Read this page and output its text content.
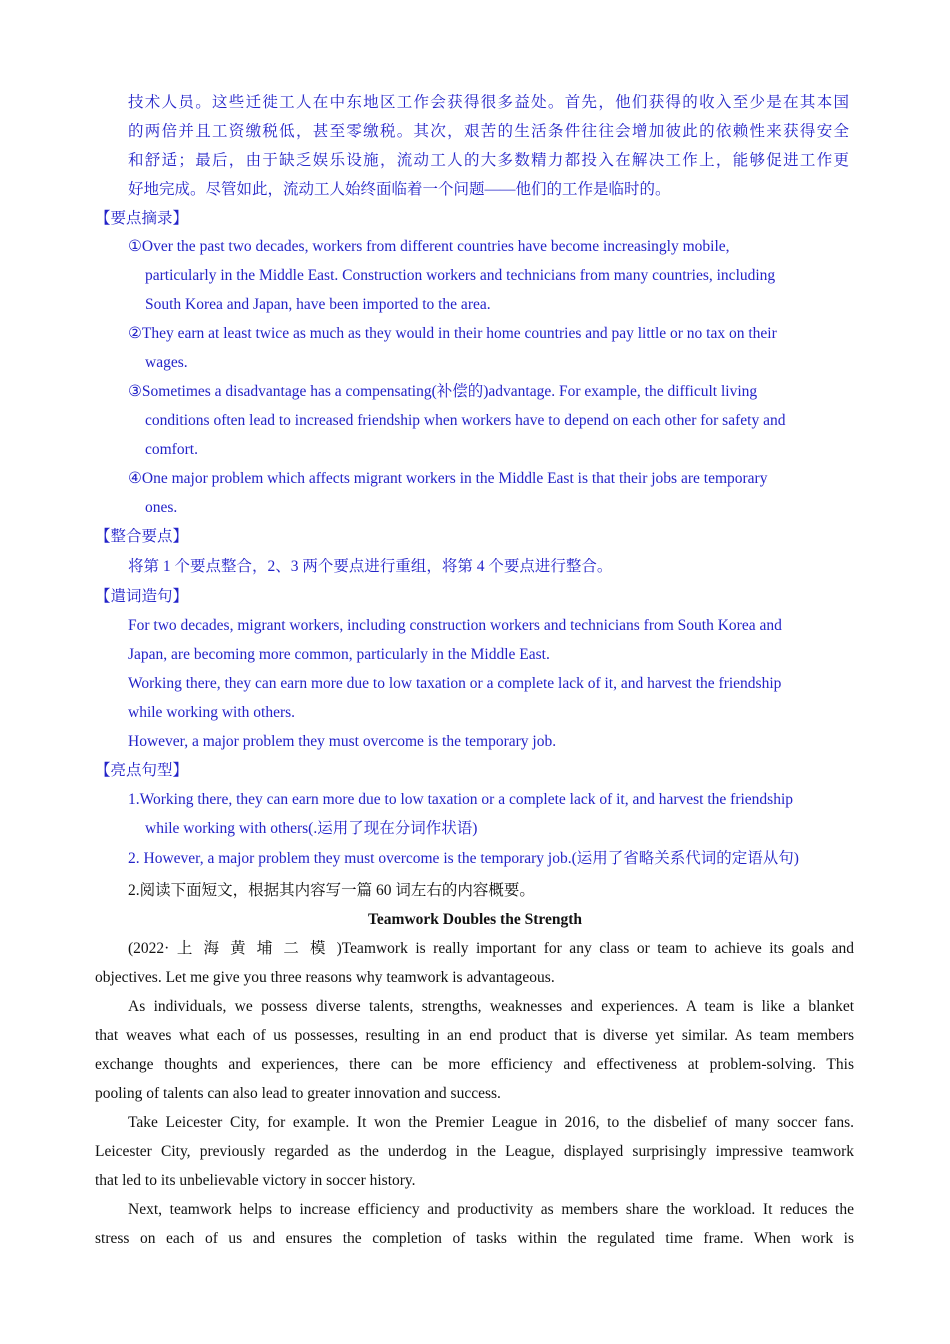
技术人员。这些迁徙工人在中东地区工作会获得很多益处。首先，他们获得的收入至少是在其本国
的两倍并且工资缴税低，甚至零缴税。其次，艰苦的生活条件往往会增加彼此的依赖性来获得安全
和舒适；最后，由于缺乏娱乐设施，流动工人的大多数精力都投入在解决工作上，能够促进工作更
好地完成。尽管如此，流动工人始终面临着一个问题——他们的工作是临时的。
【要点摘录】
①Over the past two decades, workers from different countries have become increasingly mobile,
particularly in the Middle East. Construction workers and technicians from many countries, including
South Korea and Japan, have been imported to the area.
②They earn at least twice as much as they would in their home countries and pay little or no tax on their
wages.
③Sometimes a disadvantage has a compensating(补偿的)advantage. For example, the difficult living
conditions often lead to increased friendship when workers have to depend on each other for safety and
comfort.
④One major problem which affects migrant workers in the Middle East is that their jobs are temporary
ones.
【整合要点】
将第 1 个要点整合，2、3 两个要点进行重组，将第 4 个要点进行整合。
【遣词造句】
For two decades, migrant workers, including construction workers and technicians from South Korea and
Japan, are becoming more common, particularly in the Middle East.
Working there, they can earn more due to low taxation or a complete lack of it, and harvest the friendship
while working with others.
However, a major problem they must overcome is the temporary job.
【亮点句型】
1.Working there, they can earn more due to low taxation or a complete lack of it, and harvest the friendship
while working with others(.运用了现在分词作状语)
2. However, a major problem they must overcome is the temporary job.(运用了省略关系代词的定语从句)
2.阅读下面短文，根据其内容写一篇 60 词左右的内容概要。
Teamwork Doubles the Strength
(2022· 上 海 黄 埔 二 模 )Teamwork is really important for any class or team to achieve its goals and
objectives. Let me give you three reasons why teamwork is advantageous.
As individuals, we possess diverse talents, strengths, weaknesses and experiences. A team is like a blanket
that weaves what each of us possesses, resulting in an end product that is diverse yet similar. As team members
exchange thoughts and experiences, there can be more efficiency and effectiveness at problem-solving. This
pooling of talents can also lead to greater innovation and success.
Take Leicester City, for example. It won the Premier League in 2016, to the disbelief of many soccer fans.
Leicester City, previously regarded as the underdog in the League, displayed surprisingly impressive teamwork
that led to its unbelievable victory in soccer history.
Next, teamwork helps to increase efficiency and productivity as members share the workload. It reduces the
stress on each of us and ensures the completion of tasks within the regulated time frame. When work is
